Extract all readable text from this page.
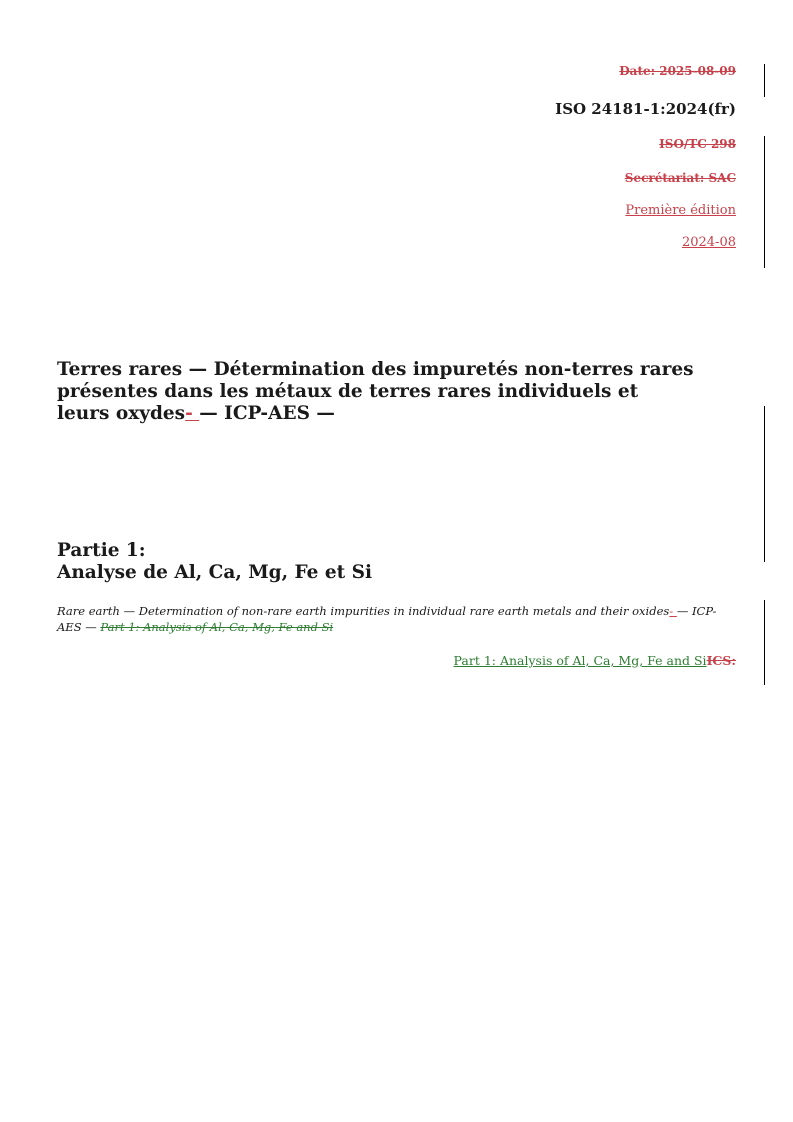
Date: 2025-08-09
ISO 24181-1:2024(fr)
ISO/TC 298
Secrétariat: SAC
Première édition
2024-08
Terres rares — Détermination des impuretés non-terres rares présentes dans les métaux de terres rares individuels et leurs oxydes- — ICP-AES —
Partie 1:
Analyse de Al, Ca, Mg, Fe et Si
Rare earth — Determination of non-rare earth impurities in individual rare earth metals and their oxides- — ICP-AES — Part 1: Analysis of Al, Ca, Mg, Fe and Si
Part 1: Analysis of Al, Ca, Mg, Fe and SiICS:
